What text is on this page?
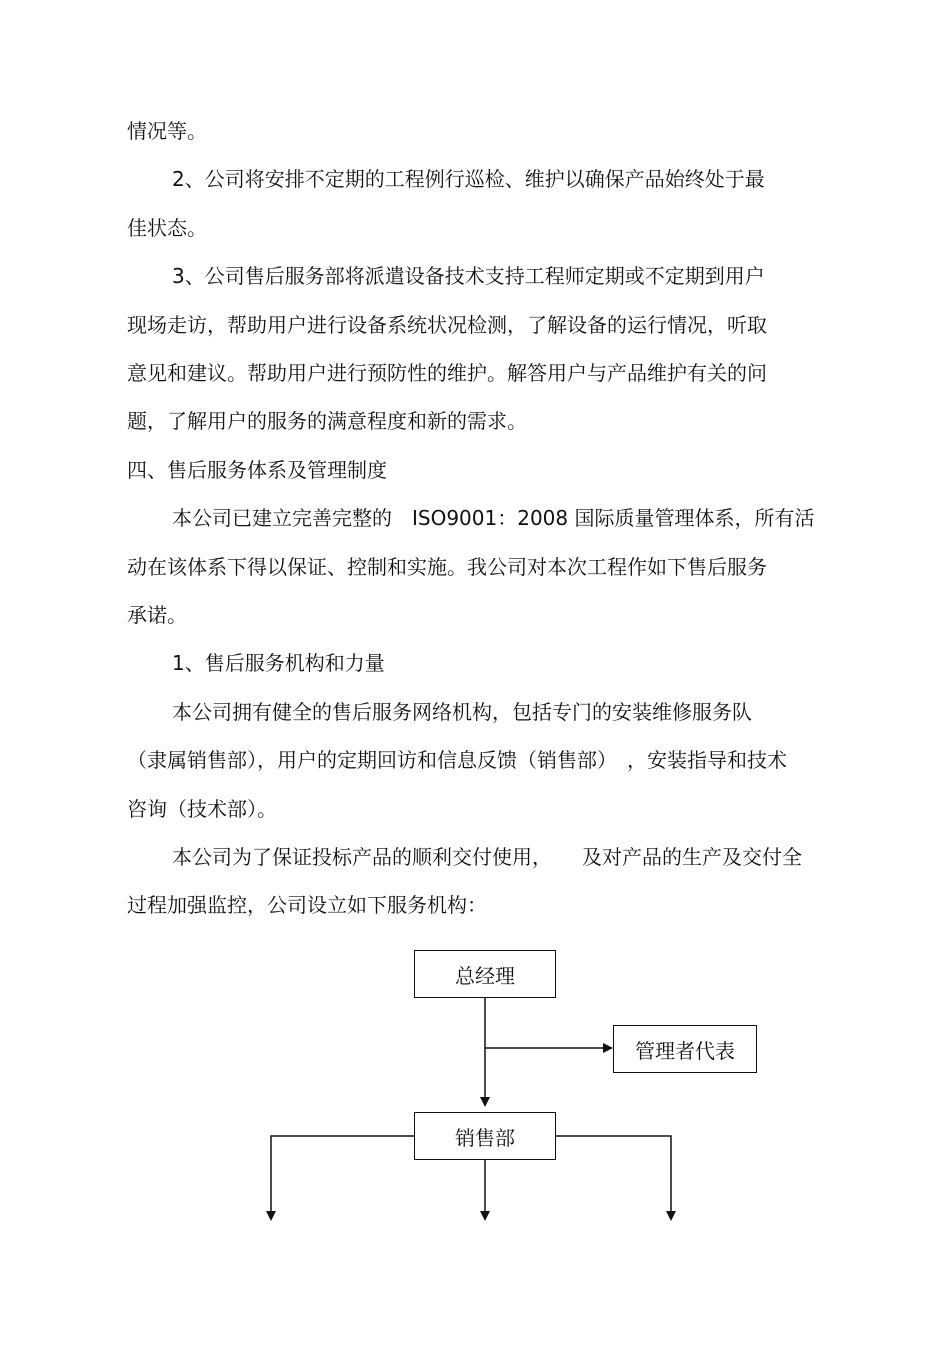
情况等。
2、公司将安排不定期的工程例行巡检、维护以确保产品始终处于最
佳状态。
3、公司售后服务部将派遣设备技术支持工程师定期或不定期到用户
现场走访，帮助用户进行设备系统状况检测，了解设备的运行情况，听取
意见和建议。帮助用户进行预防性的维护。解答用户与产品维护有关的问
题，了解用户的服务的满意程度和新的需求。
四、售后服务体系及管理制度
本公司已建立完善完整的　ISO9001：2008 国际质量管理体系，所有活
动在该体系下得以保证、控制和实施。我公司对本次工程作如下售后服务
承诺。
1、售后服务机构和力量
本公司拥有健全的售后服务网络机构，包括专门的安装维修服务队
（隶属销售部），用户的定期回访和信息反馈（销售部）　，安装指导和技术
咨询（技术部）。
本公司为了保证投标产品的顺利交付使用，　　及对产品的生产及交付全
过程加强监控，公司设立如下服务机构：
总经理
管理者代表
销售部
